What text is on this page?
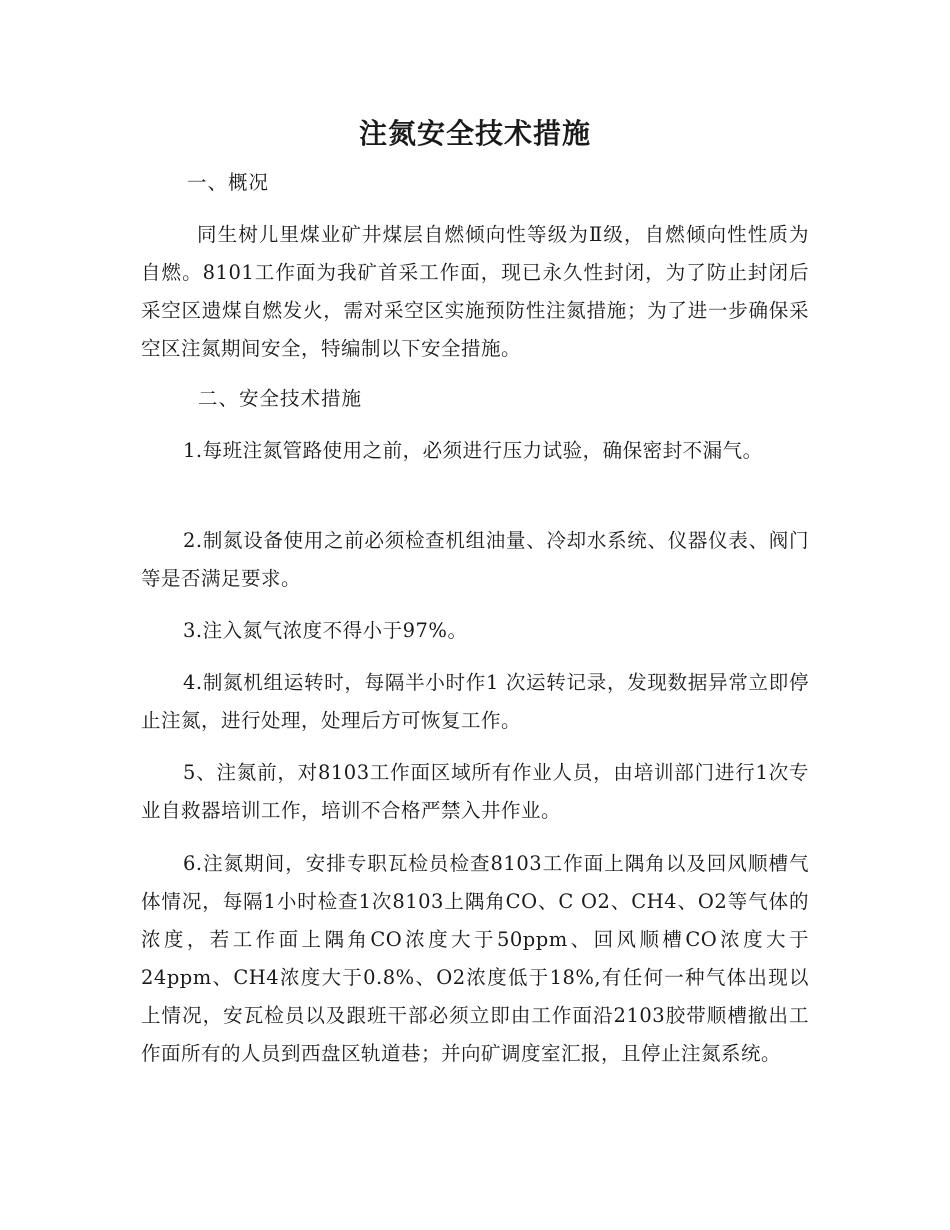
注氮安全技术措施

一、概况

同生树儿里煤业矿井煤层自燃倾向性等级为Ⅱ级，自燃倾向性性质为自燃。8101工作面为我矿首采工作面，现已永久性封闭，为了防止封闭后采空区遗煤自燃发火，需对采空区实施预防性注氮措施；为了进一步确保采空区注氮期间安全，特编制以下安全措施。

二、安全技术措施

1.每班注氮管路使用之前，必须进行压力试验，确保密封不漏气。

2.制氮设备使用之前必须检查机组油量、冷却水系统、仪器仪表、阀门等是否满足要求。

3.注入氮气浓度不得小于97%。

4.制氮机组运转时，每隔半小时作1 次运转记录，发现数据异常立即停止注氮，进行处理，处理后方可恢复工作。

5、注氮前，对8103工作面区域所有作业人员，由培训部门进行1次专业自救器培训工作，培训不合格严禁入井作业。

6.注氮期间，安排专职瓦检员检查8103工作面上隅角以及回风顺槽气体情况，每隔1小时检查1次8103上隅角CO、C O2、CH4、O2等气体的浓度，若工作面上隅角CO浓度大于50ppm、回风顺槽CO浓度大于24ppm、CH4浓度大于0.8%、O2浓度低于18%,有任何一种气体出现以上情况，安瓦检员以及跟班干部必须立即由工作面沿2103胶带顺槽撤出工作面所有的人员到西盘区轨道巷；并向矿调度室汇报，且停止注氮系统。
